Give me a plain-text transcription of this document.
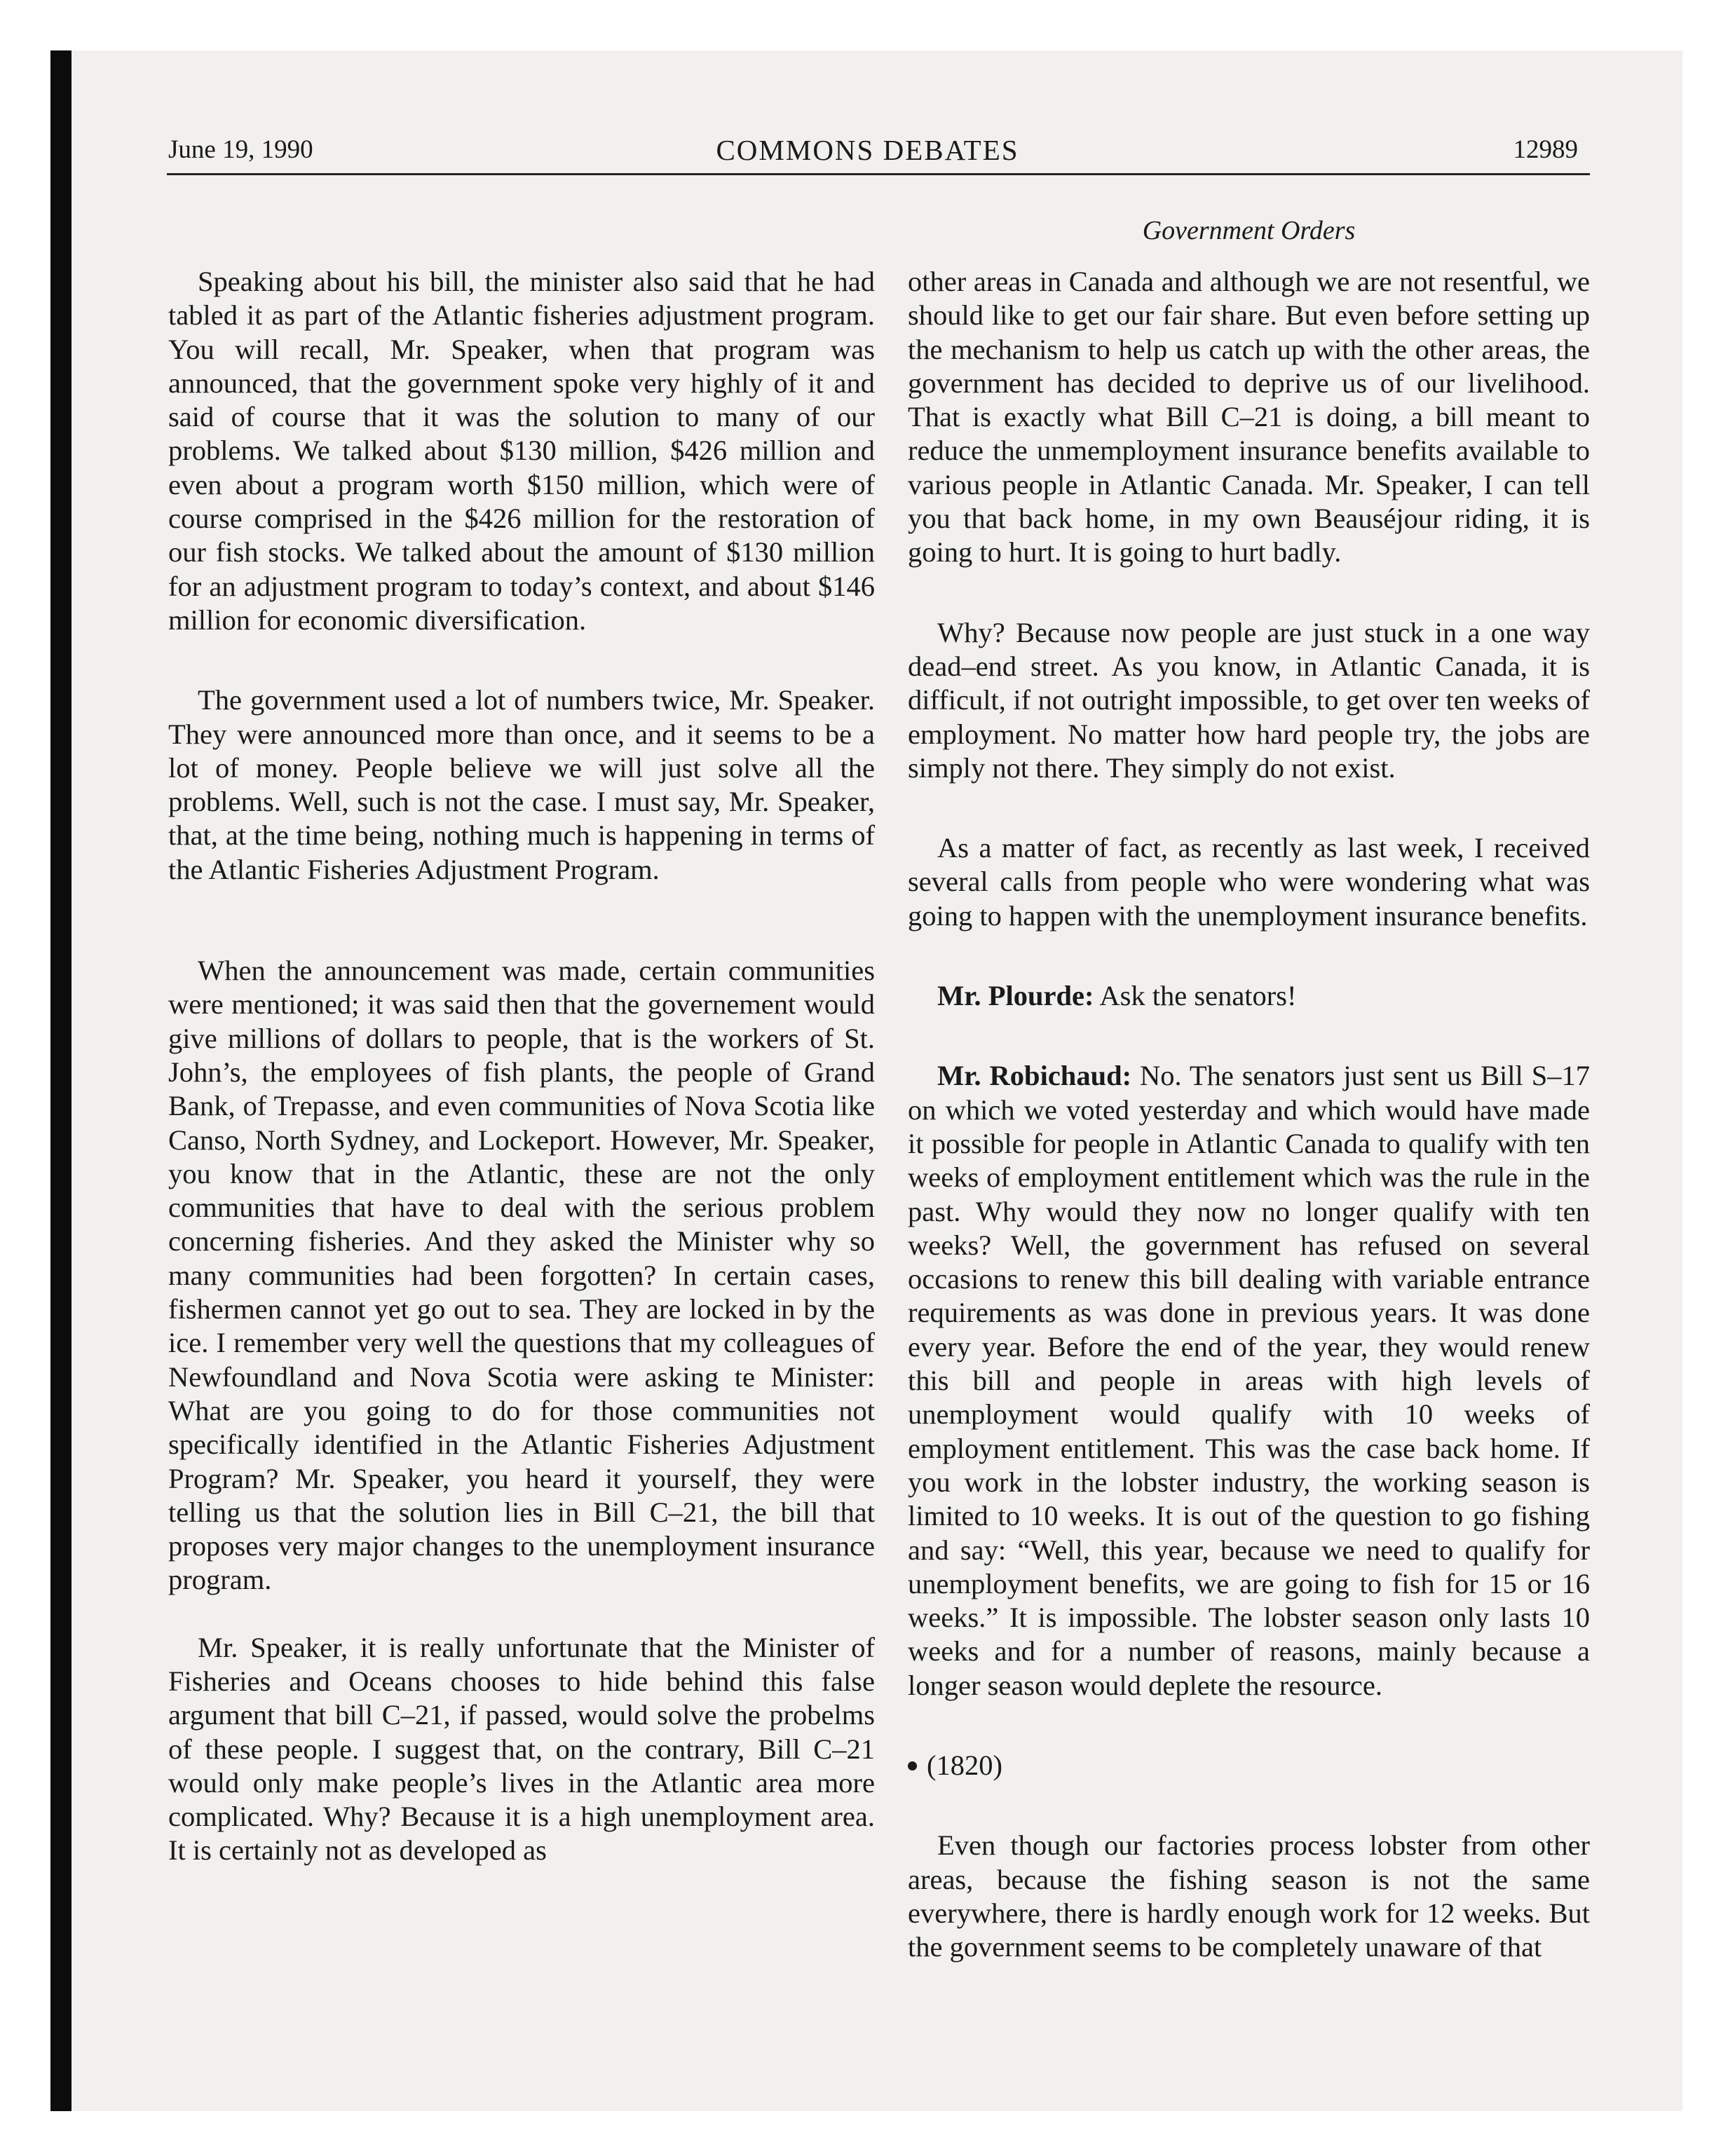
June 19, 1990	COMMONS DEBATES	12989
Government Orders

Speaking about his bill, the minister also said that he had tabled it as part of the Atlantic fisheries adjustment program. You will recall, Mr. Speaker, when that program was announced, that the government spoke very highly of it and said of course that it was the solution to many of our problems. We talked about $130 million, $426 million and even about a program worth $150 million, which were of course comprised in the $426 million for the restoration of our fish stocks. We talked about the amount of $130 million for an adjustment program to today’s context, and about $146 million for economic diversification.

The government used a lot of numbers twice, Mr. Speaker. They were announced more than once, and it seems to be a lot of money. People believe we will just solve all the problems. Well, such is not the case. I must say, Mr. Speaker, that, at the time being, nothing much is happening in terms of the Atlantic Fisheries Adjustment Program.

When the announcement was made, certain communities were mentioned; it was said then that the governement would give millions of dollars to people, that is the workers of St. John’s, the employees of fish plants, the people of Grand Bank, of Trepasse, and even communities of Nova Scotia like Canso, North Sydney, and Lockeport. However, Mr. Speaker, you know that in the Atlantic, these are not the only communities that have to deal with the serious problem concerning fisheries. And they asked the Minister why so many communities had been forgotten? In certain cases, fishermen cannot yet go out to sea. They are locked in by the ice. I remember very well the questions that my colleagues of Newfoundland and Nova Scotia were asking te Minister: What are you going to do for those communities not specifically identified in the Atlantic Fisheries Adjustment Program? Mr. Speaker, you heard it yourself, they were telling us that the solution lies in Bill C–21, the bill that proposes very major changes to the unemployment insurance program.

Mr. Speaker, it is really unfortunate that the Minister of Fisheries and Oceans chooses to hide behind this false argument that bill C–21, if passed, would solve the probelms of these people. I suggest that, on the contrary, Bill C–21 would only make people’s lives in the Atlantic area more complicated. Why? Because it is a high unemployment area. It is certainly not as developed as

other areas in Canada and although we are not resentful, we should like to get our fair share. But even before setting up the mechanism to help us catch up with the other areas, the government has decided to deprive us of our livelihood. That is exactly what Bill C–21 is doing, a bill meant to reduce the unmemployment insurance benefits available to various people in Atlantic Canada. Mr. Speaker, I can tell you that back home, in my own Beauséjour riding, it is going to hurt. It is going to hurt badly.

Why? Because now people are just stuck in a one way dead–end street. As you know, in Atlantic Canada, it is difficult, if not outright impossible, to get over ten weeks of employment. No matter how hard people try, the jobs are simply not there. They simply do not exist.

As a matter of fact, as recently as last week, I received several calls from people who were wondering what was going to happen with the unemployment insurance benefits.

Mr. Plourde: Ask the senators!

Mr. Robichaud: No. The senators just sent us Bill S–17 on which we voted yesterday and which would have made it possible for people in Atlantic Canada to qualify with ten weeks of employment entitlement which was the rule in the past. Why would they now no longer qualify with ten weeks? Well, the government has refused on several occasions to renew this bill dealing with variable entrance requirements as was done in previous years. It was done every year. Before the end of the year, they would renew this bill and people in areas with high levels of unemployment would qualify with 10 weeks of employment entitlement. This was the case back home. If you work in the lobster industry, the working season is limited to 10 weeks. It is out of the question to go fishing and say: “Well, this year, because we need to qualify for unemployment benefits, we are going to fish for 15 or 16 weeks.” It is impossible. The lobster season only lasts 10 weeks and for a number of reasons, mainly because a longer season would deplete the resource.

(1820)

Even though our factories process lobster from other areas, because the fishing season is not the same everywhere, there is hardly enough work for 12 weeks. But the government seems to be completely unaware of that
